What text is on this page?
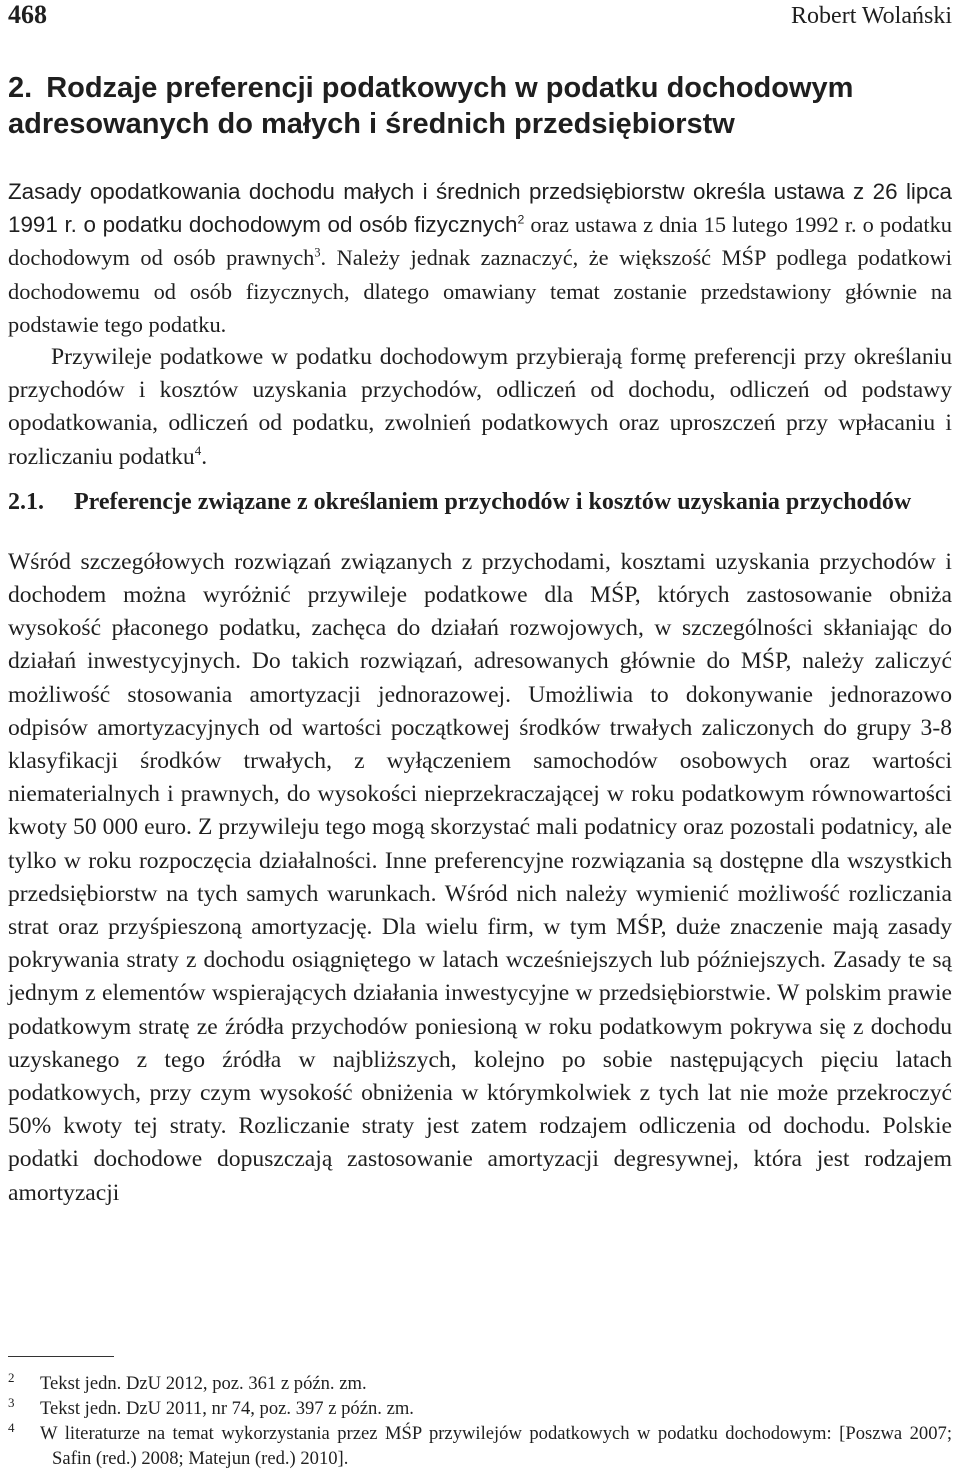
468	Robert Wolański
2. Rodzaje preferencji podatkowych w podatku dochodowym adresowanych do małych i średnich przedsiębiorstw

Zasady opodatkowania dochodu małych i średnich przedsiębiorstw określa ustawa z 26 lipca 1991 r. o podatku dochodowym od osób fizycznych$^2$ oraz ustawa z dnia 15 lutego 1992 r. o podatku dochodowym od osób prawnych$^3$. Należy jednak zaznaczyć, że większość MŚP podlega podatkowi dochodowemu od osób fizycznych, dlatego omawiany temat zostanie przedstawiony głównie na podstawie tego podatku.

Przywileje podatkowe w podatku dochodowym przybierają formę preferencji przy określaniu przychodów i kosztów uzyskania przychodów, odliczeń od dochodu, odliczeń od podstawy opodatkowania, odliczeń od podatku, zwolnień podatkowych oraz uproszczeń przy wpłacaniu i rozliczaniu podatku$^4$.

2.1.	Preferencje związane z określaniem przychodów i kosztów uzyskania przychodów

Wśród szczegółowych rozwiązań związanych z przychodami, kosztami uzyskania przychodów i dochodem można wyróżnić przywileje podatkowe dla MŚP, których zastosowanie obniża wysokość płaconego podatku, zachęca do działań rozwojowych, w szczególności skłaniając do działań inwestycyjnych. Do takich rozwiązań, adresowanych głównie do MŚP, należy zaliczyć możliwość stosowania amortyzacji jednorazowej. Umożliwia to dokonywanie jednorazowo odpisów amortyzacyjnych od wartości początkowej środków trwałych zaliczonych do grupy 3-8 klasyfikacji środków trwałych, z wyłączeniem samochodów osobowych oraz wartości niematerialnych i prawnych, do wysokości nieprzekraczającej w roku podatkowym równowartości kwoty 50 000 euro. Z przywileju tego mogą skorzystać mali podatnicy oraz pozostali podatnicy, ale tylko w roku rozpoczęcia działalności. Inne preferencyjne rozwiązania są dostępne dla wszystkich przedsiębiorstw na tych samych warunkach. Wśród nich należy wymienić możliwość rozliczania strat oraz przyśpieszoną amortyzację. Dla wielu firm, w tym MŚP, duże znaczenie mają zasady pokrywania straty z dochodu osiągniętego w latach wcześniejszych lub późniejszych. Zasady te są jednym z elementów wspierających działania inwestycyjne w przedsiębiorstwie. W polskim prawie podatkowym stratę ze źródła przychodów poniesioną w roku podatkowym pokrywa się z dochodu uzyskanego z tego źródła w najbliższych, kolejno po sobie następujących pięciu latach podatkowych, przy czym wysokość obniżenia w którymkolwiek z tych lat nie może przekroczyć 50% kwoty tej straty. Rozliczanie straty jest zatem rodzajem odliczenia od dochodu. Polskie podatki dochodowe dopuszczają zastosowanie amortyzacji degresywnej, która jest rodzajem amortyzacji

2 Tekst jedn. DzU 2012, poz. 361 z późn. zm.

3 Tekst jedn. DzU 2011, nr 74, poz. 397 z późn. zm.

4 W literaturze na temat wykorzystania przez MŚP przywilejów podatkowych w podatku dochodowym: [Poszwa 2007; Safin (red.) 2008; Matejun (red.) 2010].
